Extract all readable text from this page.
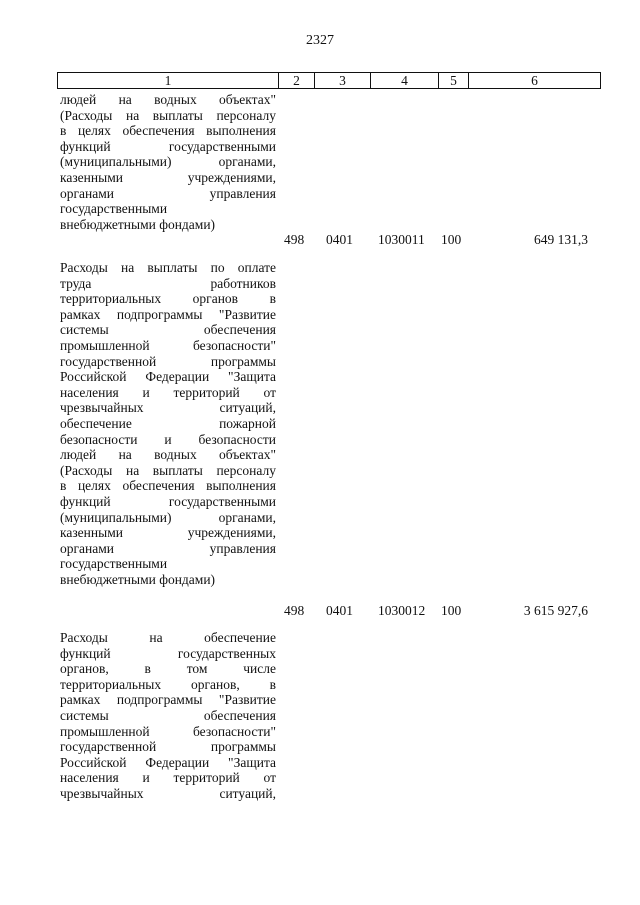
2327
1	2	3	4	5	6
людей на водных объектах"
(Расходы на выплаты персоналу
в целях обеспечения выполнения
функций государственными
(муниципальными) органами,
казенными учреждениями,
органами управления
государственными
внебюджетными фондами)
498	0401	1030011	100	649 131,3
Расходы на выплаты по оплате
труда работников
территориальных органов в
рамках подпрограммы "Развитие
системы обеспечения
промышленной безопасности"
государственной программы
Российской Федерации "Защита
населения и территорий от
чрезвычайных ситуаций,
обеспечение пожарной
безопасности и безопасности
людей на водных объектах"
(Расходы на выплаты персоналу
в целях обеспечения выполнения
функций государственными
(муниципальными) органами,
казенными учреждениями,
органами управления
государственными
внебюджетными фондами)
498	0401	1030012	100	3 615 927,6
Расходы на обеспечение
функций государственных
органов, в том числе
территориальных органов, в
рамках подпрограммы "Развитие
системы обеспечения
промышленной безопасности"
государственной программы
Российской Федерации "Защита
населения и территорий от
чрезвычайных ситуаций,
